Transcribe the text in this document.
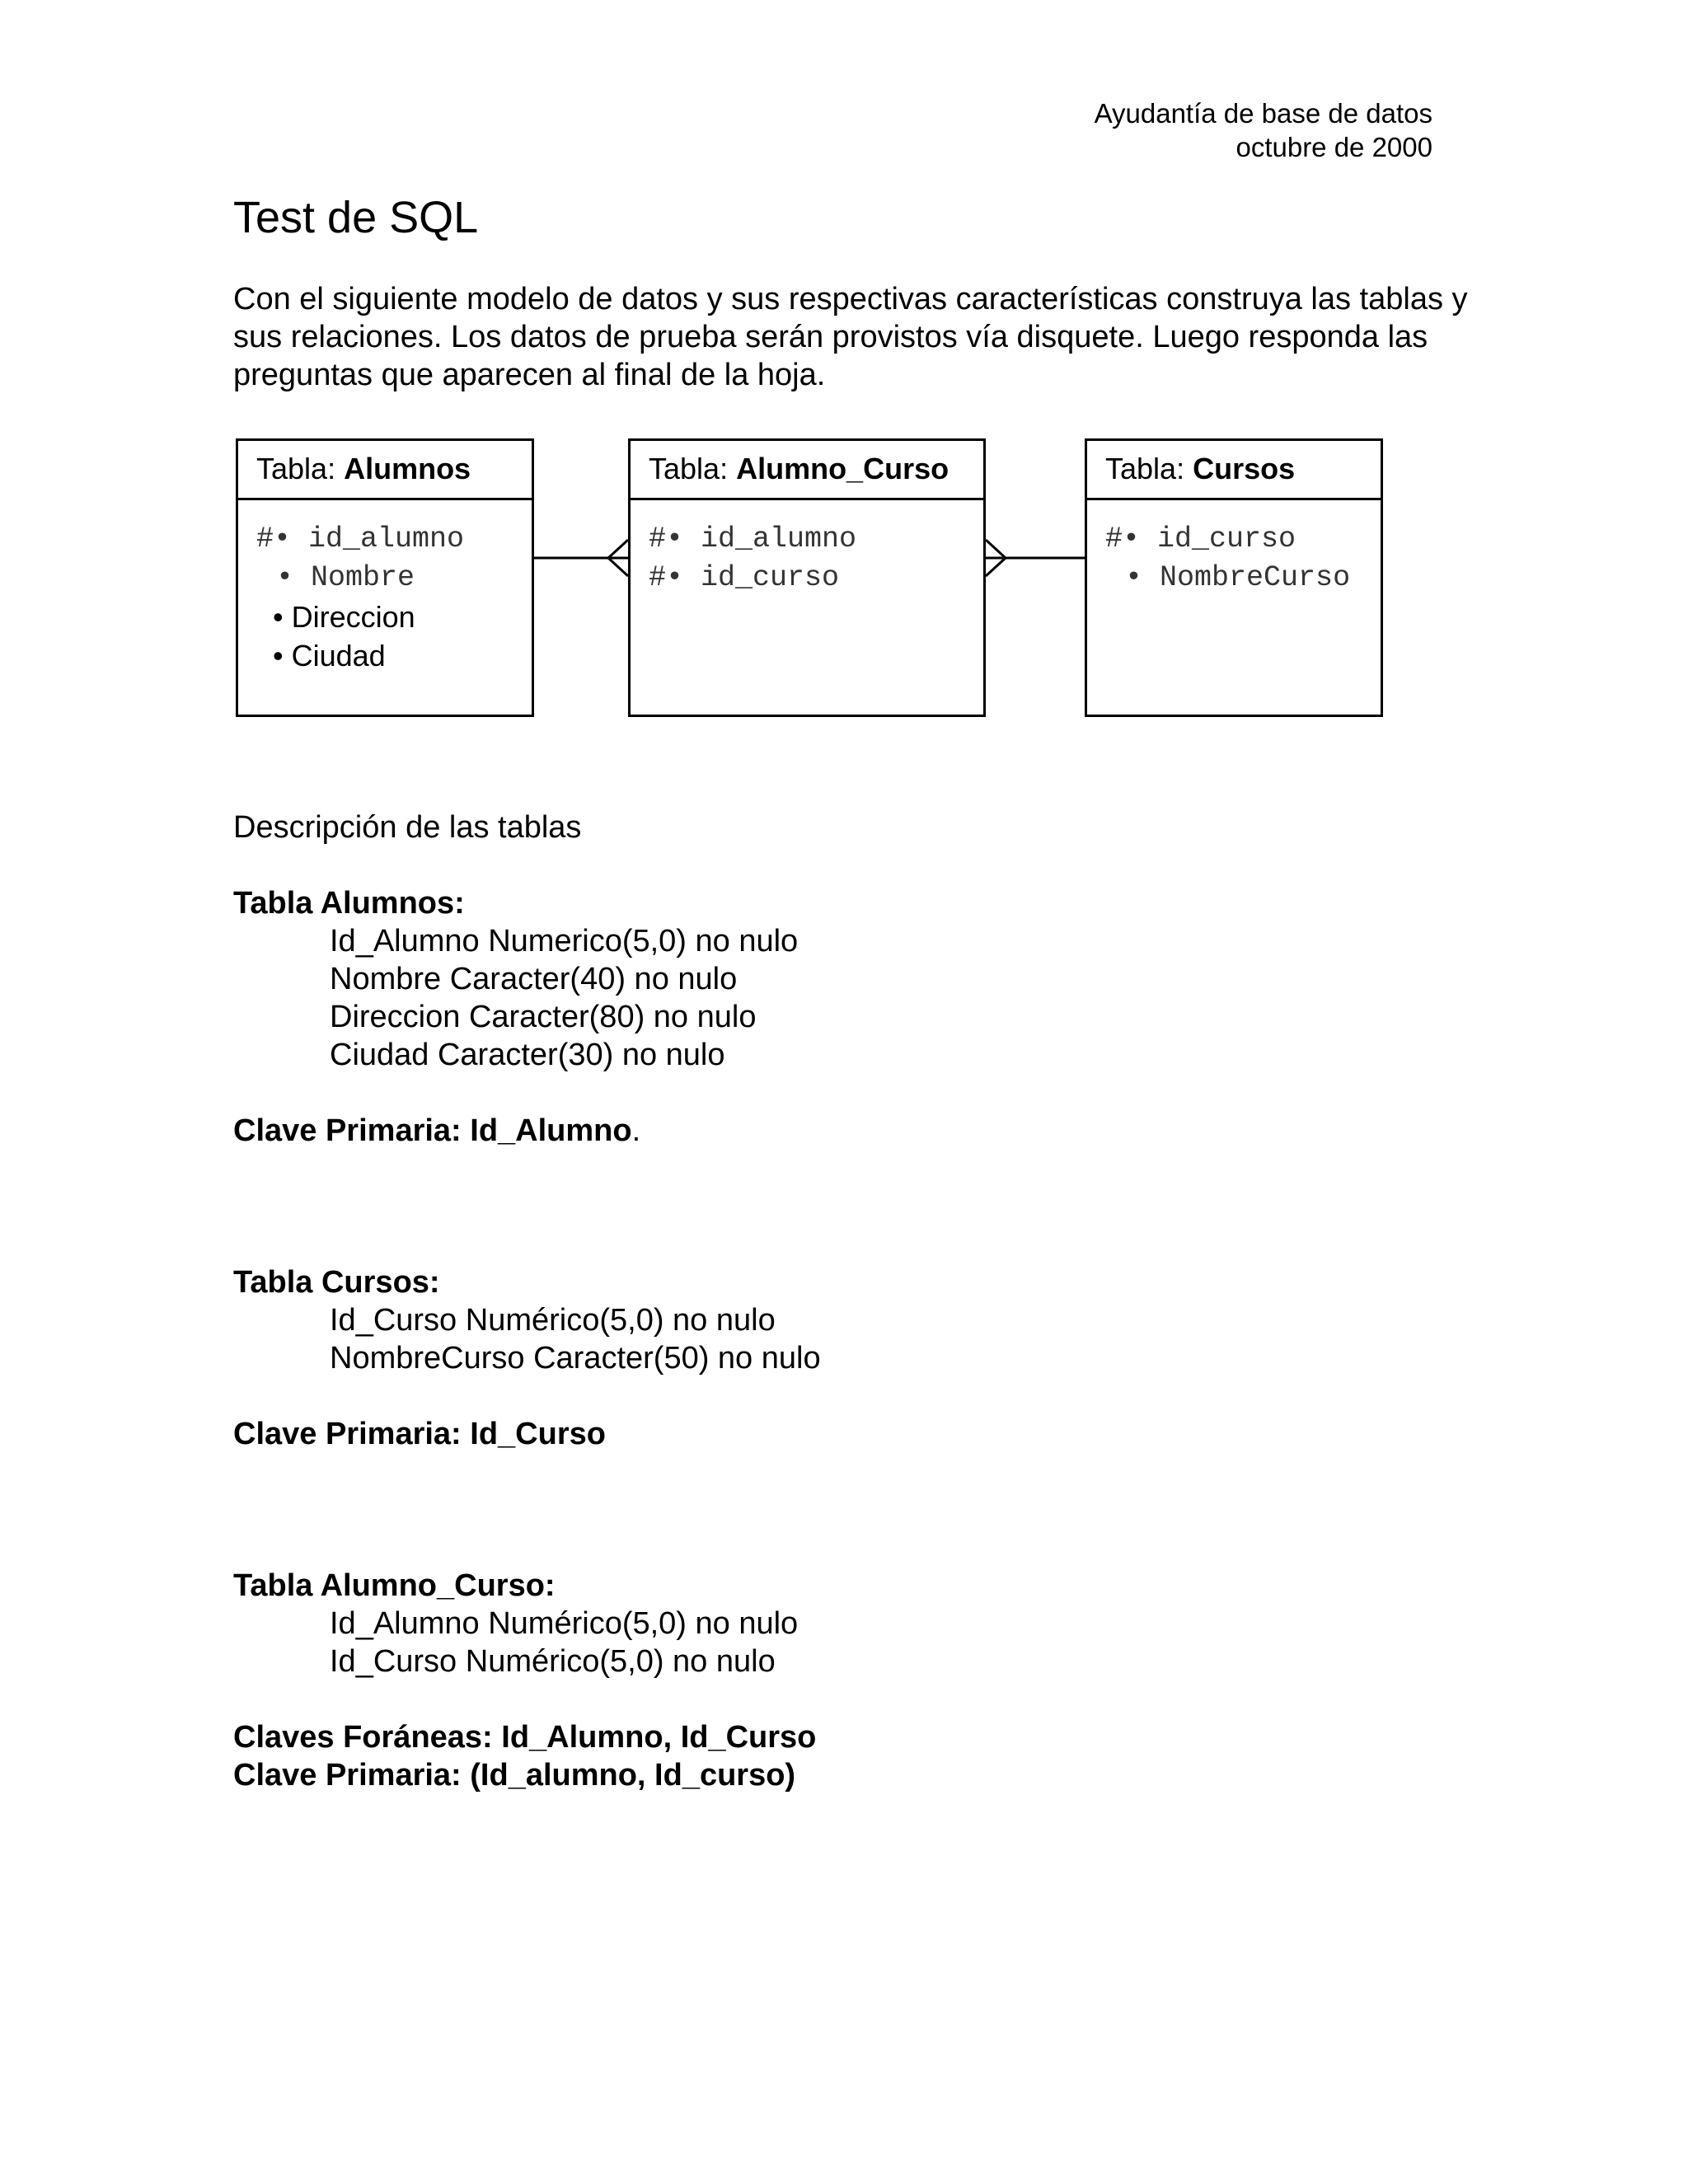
Ayudantía de base de datos
octubre de 2000
Test de SQL
Con el siguiente modelo de datos y sus respectivas características construya las tablas y sus relaciones. Los datos de prueba serán provistos vía disquete. Luego responda las preguntas que aparecen al final de la hoja.
Tabla: Alumnos
#• id_alumno
• Nombre
• Direccion
• Ciudad
Tabla: Alumno_Curso
#• id_alumno
#• id_curso
Tabla: Cursos
#• id_curso
• NombreCurso
Descripción de las tablas
Tabla Alumnos:
Id_Alumno Numerico(5,0) no nulo
Nombre Caracter(40) no nulo
Direccion Caracter(80) no nulo
Ciudad Caracter(30) no nulo
Clave Primaria: Id_Alumno.
Tabla Cursos:
Id_Curso Numérico(5,0) no nulo
NombreCurso Caracter(50) no nulo
Clave Primaria: Id_Curso
Tabla Alumno_Curso:
Id_Alumno Numérico(5,0) no nulo
Id_Curso Numérico(5,0) no nulo
Claves Foráneas: Id_Alumno, Id_Curso
Clave Primaria: (Id_alumno, Id_curso)
